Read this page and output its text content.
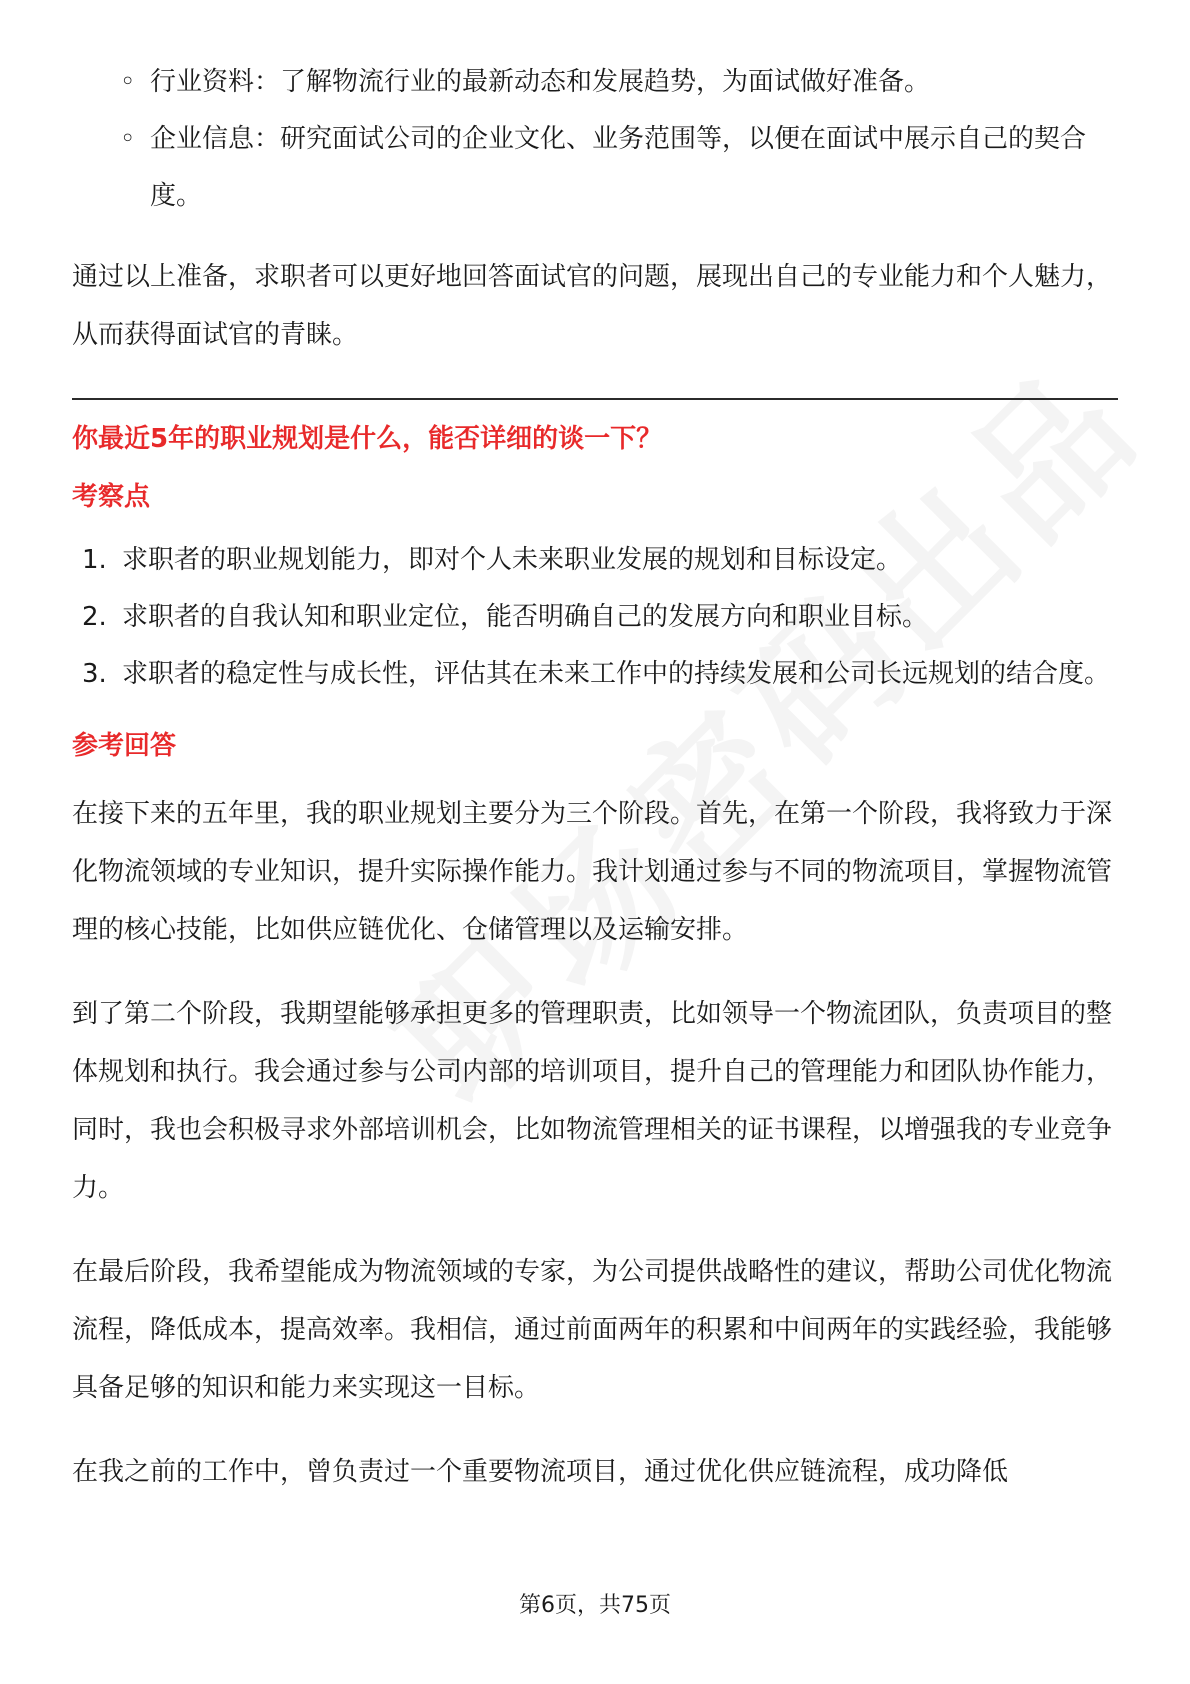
◦ 行业资料：了解物流行业的最新动态和发展趋势，为面试做好准备。
◦ 企业信息：研究面试公司的企业文化、业务范围等，以便在面试中展示自己的契合度。

通过以上准备，求职者可以更好地回答面试官的问题，展现出自己的专业能力和个人魅力，从而获得面试官的青睐。

你最近5年的职业规划是什么，能否详细的谈一下？
考察点
1. 求职者的职业规划能力，即对个人未来职业发展的规划和目标设定。
2. 求职者的自我认知和职业定位，能否明确自己的发展方向和职业目标。
3. 求职者的稳定性与成长性，评估其在未来工作中的持续发展和公司长远规划的结合度。
参考回答

在接下来的五年里，我的职业规划主要分为三个阶段。首先，在第一个阶段，我将致力于深化物流领域的专业知识，提升实际操作能力。我计划通过参与不同的物流项目，掌握物流管理的核心技能，比如供应链优化、仓储管理以及运输安排。

到了第二个阶段，我期望能够承担更多的管理职责，比如领导一个物流团队，负责项目的整体规划和执行。我会通过参与公司内部的培训项目，提升自己的管理能力和团队协作能力，同时，我也会积极寻求外部培训机会，比如物流管理相关的证书课程，以增强我的专业竞争力。

在最后阶段，我希望能成为物流领域的专家，为公司提供战略性的建议，帮助公司优化物流流程，降低成本，提高效率。我相信，通过前面两年的积累和中间两年的实践经验，我能够具备足够的知识和能力来实现这一目标。

在我之前的工作中，曾负责过一个重要物流项目，通过优化供应链流程，成功降低

第6页，共75页
